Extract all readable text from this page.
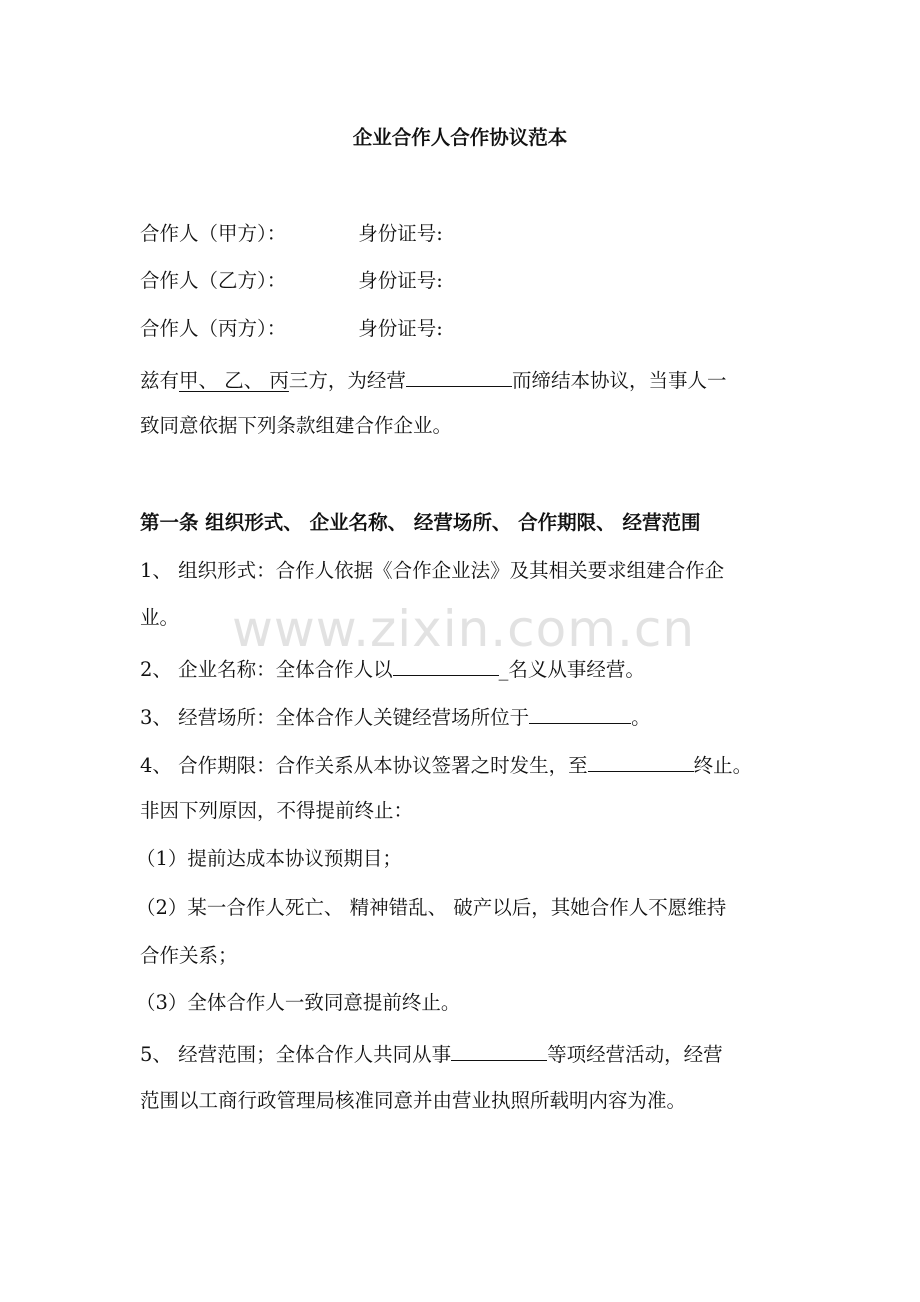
企业合作人合作协议范本
合作人（甲方）：	身份证号:
合作人（乙方）：	身份证号:
合作人（丙方）：	身份证号:
兹有甲、 乙、 丙三方，为经营	而缔结本协议，当事人一
致同意依据下列条款组建合作企业。
第一条 组织形式、 企业名称、 经营场所、 合作期限、 经营范围
1、 组织形式：合作人依据《合作企业法》及其相关要求组建合作企
业。
2、 企业名称：全体合作人以	_名义从事经营。
3、 经营场所：全体合作人关键经营场所位于	。
4、 合作期限：合作关系从本协议签署之时发生，至	终止。
非因下列原因，不得提前终止：
（1）提前达成本协议预期目；
（2）某一合作人死亡、 精神错乱、 破产以后，其她合作人不愿维持
合作关系；
（3）全体合作人一致同意提前终止。
5、 经营范围；全体合作人共同从事	等项经营活动，经营
范围以工商行政管理局核准同意并由营业执照所载明内容为准。
www.zixin.com.cn
